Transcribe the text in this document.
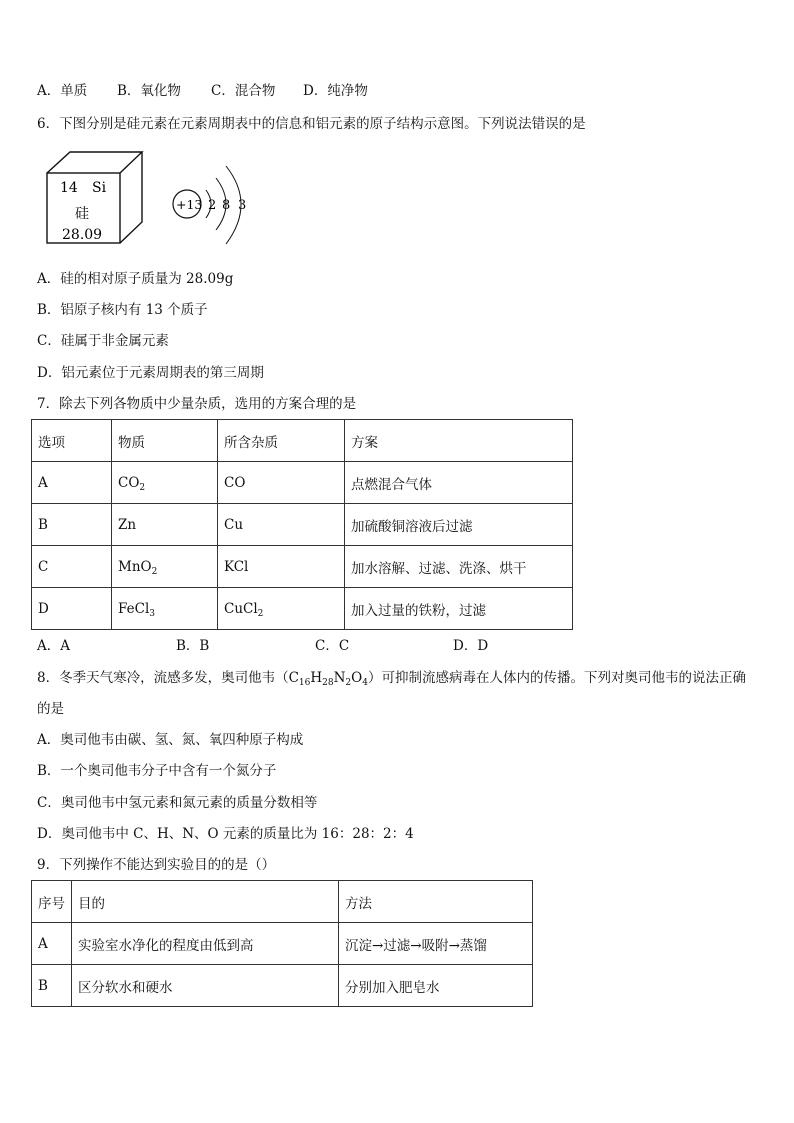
A．单质 B．氧化物 C．混合物 D．纯净物
6．下图分别是硅元素在元素周期表中的信息和铝元素的原子结构示意图。下列说法错误的是
14 Si
硅
28.09
+13 2 8 3
A．硅的相对原子质量为 28.09g
B．铝原子核内有 13 个质子
C．硅属于非金属元素
D．铝元素位于元素周期表的第三周期
7．除去下列各物质中少量杂质，选用的方案合理的是
选项	物质	所含杂质	方案
A	$CO_2$	CO	点燃混合气体
B	Zn	Cu	加硫酸铜溶液后过滤
C	MnO$_2$	KCl	加水溶解、过滤、洗涤、烘干
D	FeCl$_3$	CuCl$_2$	加入过量的铁粉，过滤
A．A	B．B	C．C	D．D
8．冬季天气寒冷，流感多发，奥司他韦$(C_{16}H_{28}N_2O_4)$可抑制流感病毒在人体内的传播。下列对奥司他韦的说法正确
的是
A．奥司他韦由碳、氢、氮、氧四种原子构成
B．一个奥司他韦分子中含有一个氮分子
C．奥司他韦中氢元素和氮元素的质量分数相等
D．奥司他韦中 C、H、N、O 元素的质量比为 16：28：2：4
9．下列操作不能达到实验目的的是（）
序号	目的	方法
A	实验室水净化的程度由低到高	沉淀→过滤→吸附→蒸馏
B	区分软水和硬水	分别加入肥皂水
